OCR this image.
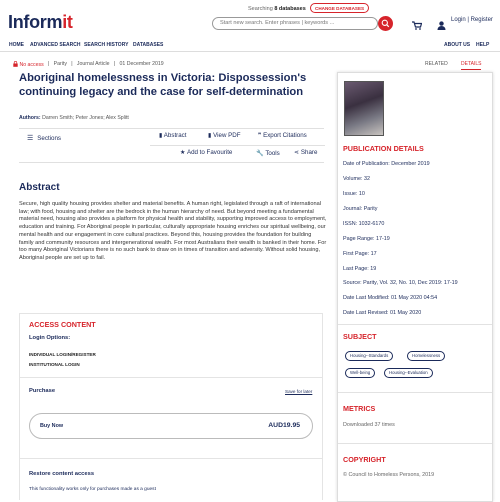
Informit
Searching 8 databases	CHANGE DATABASES
Start new search. Enter phrases | keywords ...	Login | Register
HOME ADVANCED SEARCH SEARCH HISTORY DATABASES	ABOUT US HELP
No access |   Parity   |   Journal Article   |   01 December 2019	RELATED	DETAILS
Aboriginal homelessness in Victoria: Dispossession's continuing legacy and the case for self-determination
Authors: Darren Smith; Peter Jones; Alex Splitt
☰ Sections	▮ Abstract	▮ View PDF	❞ Export Citations
★ Add to Favourite	🔧 Tools ⋖ Share
Abstract
Secure, high quality housing provides shelter and material benefits. A human right, legislated through a raft of international law; with food, housing and shelter are the bedrock in the human hierarchy of need. But beyond meeting a fundamental material need, housing also provides a platform for physical health and stability, supporting improved access to employment, education and training. For Aboriginal people in particular, culturally appropriate housing enriches our spiritual wellbeing, our mental health and our engagement in core cultural practices. Beyond this, housing provides the foundation for building family and community resources and intergenerational wealth. For most Australians their wealth is banked in their home. For too many Aboriginal Victorians there is no such bank to draw on in times of transition and adversity. Without solid housing, Aboriginal people are set up to fail.
ACCESS CONTENT
Login Options:
INDIVIDUAL LOGIN/REGISTER
INSTITUTIONAL LOGIN
Purchase	Save for later
Buy Now	AUD19.95
Restore content access
This functionality works only for purchases made as a guest
PUBLICATION DETAILS
Date of Publication: December 2019
Volume: 32
Issue: 10
Journal: Parity
ISSN: 1032-6170
Page Range: 17-19
First Page: 17
Last Page: 19
Source: Parity, Vol. 32, No. 10, Dec 2019: 17-19
Date Last Modified: 01 May 2020 04:54
Date Last Revised: 01 May 2020
SUBJECT
Housing--Standards	Homelessness
Well-being	Housing--Evaluation
METRICS
Downloaded 37 times
COPYRIGHT
© Council to Homeless Persons, 2019
